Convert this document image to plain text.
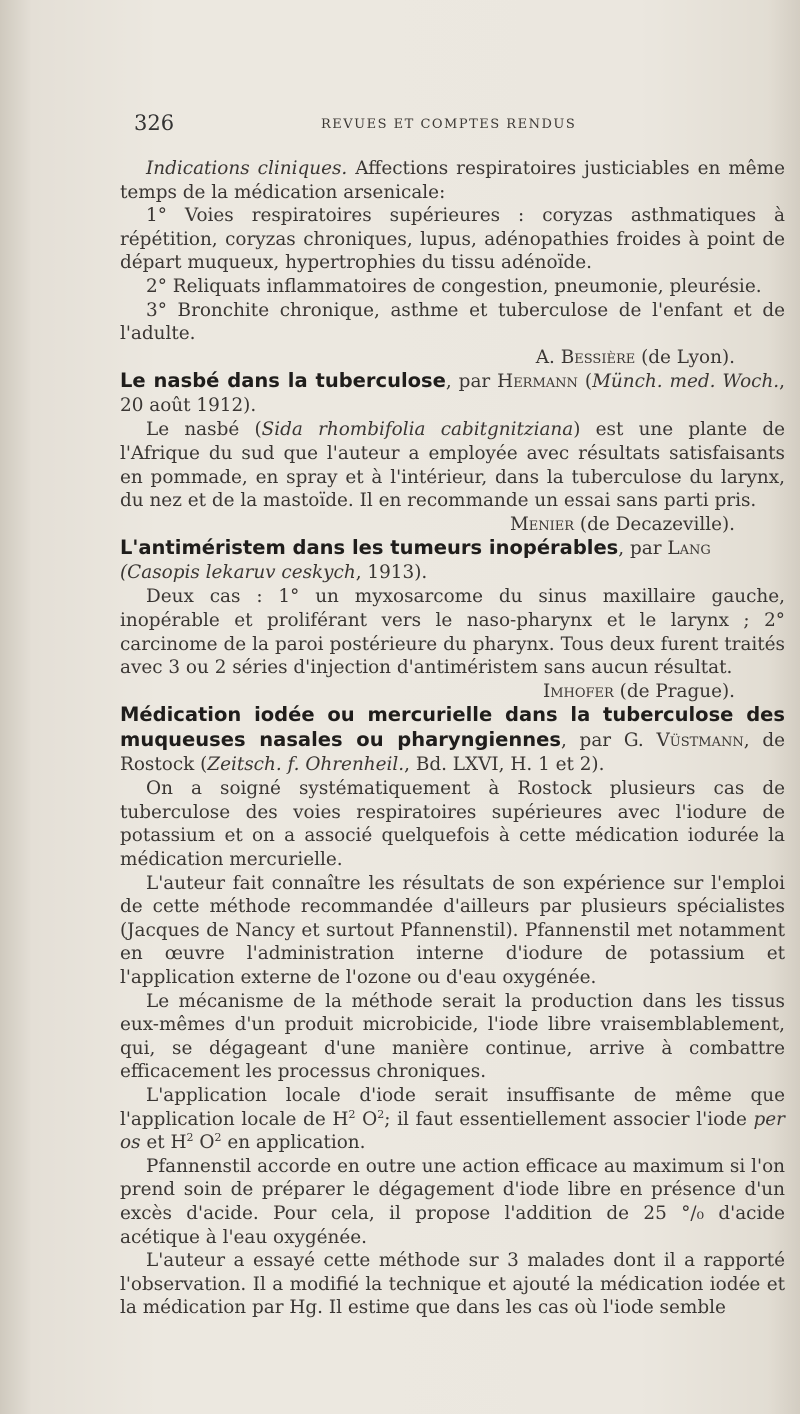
326	REVUES ET COMPTES RENDUS

Indications cliniques. Affections respiratoires justiciables en même temps de la médication arsenicale:

1° Voies respiratoires supérieures : coryzas asthmatiques à répétition, coryzas chroniques, lupus, adénopathies froides à point de départ muqueux, hypertrophies du tissu adénoïde.

2° Reliquats inflammatoires de congestion, pneumonie, pleurésie.

3° Bronchite chronique, asthme et tuberculose de l'enfant et de l'adulte.

A. Bessière (de Lyon).

Le nasbé dans la tuberculose, par Hermann (Münch. med. Woch., 20 août 1912).

Le nasbé (Sida rhombifolia cabitgnitziana) est une plante de l'Afrique du sud que l'auteur a employée avec résultats satisfaisants en pommade, en spray et à l'intérieur, dans la tuberculose du larynx, du nez et de la mastoïde. Il en recommande un essai sans parti pris.

Menier (de Decazeville).

L'antiméristem dans les tumeurs inopérables, par Lang
(Casopis lekaruv ceskych, 1913).

Deux cas : 1° un myxosarcome du sinus maxillaire gauche, inopérable et proliférant vers le naso-pharynx et le larynx ; 2° carcinome de la paroi postérieure du pharynx. Tous deux furent traités avec 3 ou 2 séries d'injection d'antiméristem sans aucun résultat.

Imhofer (de Prague).

Médication iodée ou mercurielle dans la tuberculose des muqueuses nasales ou pharyngiennes, par G. Vüstmann, de Rostock (Zeitsch. f. Ohrenheil., Bd. LXVI, H. 1 et 2).

On a soigné systématiquement à Rostock plusieurs cas de tuberculose des voies respiratoires supérieures avec l'iodure de potassium et on a associé quelquefois à cette médication iodurée la médication mercurielle.

L'auteur fait connaître les résultats de son expérience sur l'emploi de cette méthode recommandée d'ailleurs par plusieurs spécialistes (Jacques de Nancy et surtout Pfannenstil). Pfannenstil met notamment en œuvre l'administration interne d'iodure de potassium et l'application externe de l'ozone ou d'eau oxygénée.

Le mécanisme de la méthode serait la production dans les tissus eux-mêmes d'un produit microbicide, l'iode libre vraisemblablement, qui, se dégageant d'une manière continue, arrive à combattre efficacement les processus chroniques.

L'application locale d'iode serait insuffisante de même que l'application locale de $H^2$ $O^2$; il faut essentiellement associer l'iode per os et $H^2$ $O^2$ en application.

Pfannenstil accorde en outre une action efficace au maximum si l'on prend soin de préparer le dégagement d'iode libre en présence d'un excès d'acide. Pour cela, il propose l'addition de 25 °/₀ d'acide acétique à l'eau oxygénée.

L'auteur a essayé cette méthode sur 3 malades dont il a rapporté l'observation. Il a modifié la technique et ajouté la médication iodée et la médication par Hg. Il estime que dans les cas où l'iode semble
